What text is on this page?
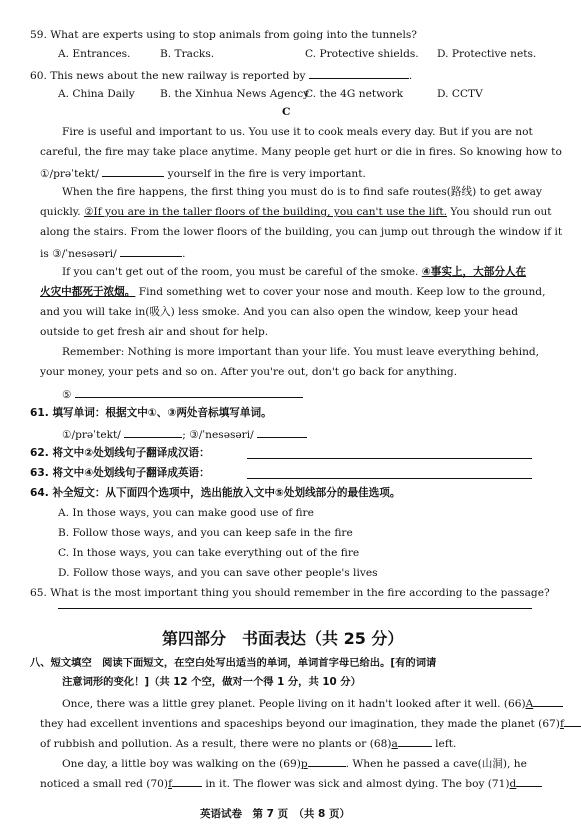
59. What are experts using to stop animals from going into the tunnels?
A. Entrances.	B. Tracks.	C. Protective shields. D. Protective nets.
60. This news about the new railway is reported by	.
A. China Daily B. the Xinhua News Agency
C. the 4G network	D. CCTV
C
Fire is useful and important to us. You use it to cook meals every day. But if you are not
careful, the fire may take place anytime. Many people get hurt or die in fires. So knowing how to
①/prəˈtekt/	yourself in the fire is very important.
When the fire happens, the first thing you must do is to find safe routes(路线) to get away
quickly. ②If you are in the taller floors of the building, you can't use the lift. You should run out
along the stairs. From the lower floors of the building, you can jump out through the window if it
is ③/ˈnesəsəri/	.
If you can't get out of the room, you must be careful of the smoke. ④事实上，大部分人在
火灾中都死于浓烟。 Find something wet to cover your nose and mouth. Keep low to the ground,
and you will take in(吸入) less smoke. And you can also open the window, keep your head
outside to get fresh air and shout for help.
Remember: Nothing is more important than your life. You must leave everything behind,
your money, your pets and so on. After you're out, don't go back for anything.
⑤
61. 填写单词：根据文中①、③两处音标填写单词。
①/prəˈtekt/	; ③/ˈnesəsəri/
62. 将文中②处划线句子翻译成汉语：
63. 将文中④处划线句子翻译成英语：
64. 补全短文：从下面四个选项中，选出能放入文中⑤处划线部分的最佳选项。
A. In those ways, you can make good use of fire
B. Follow those ways, and you can keep safe in the fire
C. In those ways, you can take everything out of the fire
D. Follow those ways, and you can save other people's lives
65. What is the most important thing you should remember in the fire according to the passage?
第四部分　书面表达（共 25 分）
八、短文填空　阅读下面短文，在空白处写出适当的单词，单词首字母已给出。[有的词请
注意词形的变化！]（共 12 个空，做对一个得 1 分，共 10 分）
Once, there was a little grey planet. People living on it hadn't looked after it well. (66)A
they had excellent inventions and spaceships beyond our imagination, they made the planet (67)f
of rubbish and pollution. As a result, there were no plants or (68)a	left.
One day, a little boy was walking on the (69)p	. When he passed a cave(山洞), he
noticed a small red (70)f	in it. The flower was sick and almost dying. The boy (71)d
英语试卷　第 7 页　（共 8 页）
